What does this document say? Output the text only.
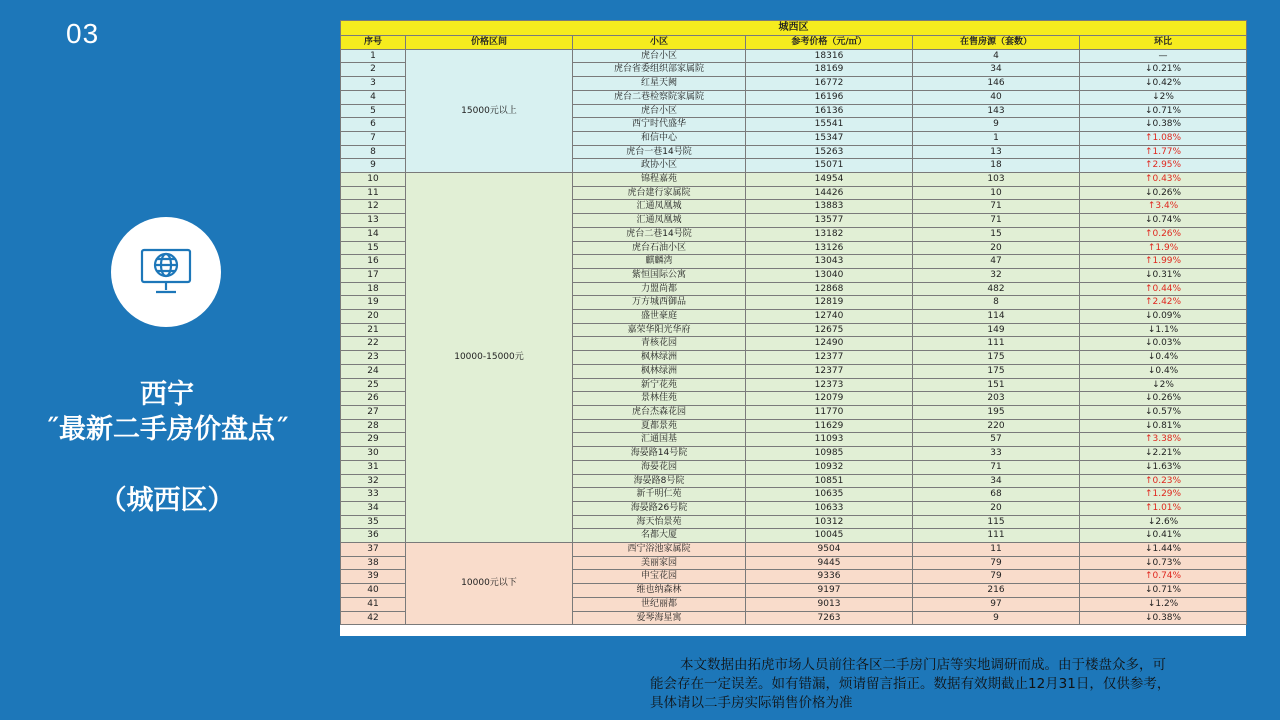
03
西宁
˝最新二手房价盘点˝
（城西区）
城西区					
序号	价格区间	小区	参考价格（元/㎡）	在售房源（套数）	环比
1	15000元以上	虎台小区	18316	4	—
2		虎台省委组织部家属院	18169	34	↓0.21%
3		红星天阙	16772	146	↓0.42%
4		虎台二巷检察院家属院	16196	40	↓2%
5		虎台小区	16136	143	↓0.71%
6		西宁时代盛华	15541	9	↓0.38%
7		和信中心	15347	1	↑1.08%
8		虎台一巷14号院	15263	13	↑1.77%
9		政协小区	15071	18	↑2.95%
10	10000-15000元	锦程嘉苑	14954	103	↑0.43%
11		虎台建行家属院	14426	10	↓0.26%
12		汇通凤凰城	13883	71	↑3.4%
13		汇通凤凰城	13577	71	↓0.74%
14		虎台二巷14号院	13182	15	↑0.26%
15		虎台石油小区	13126	20	↑1.9%
16		麒麟湾	13043	47	↑1.99%
17		紫恒国际公寓	13040	32	↓0.31%
18		力盟尚都	12868	482	↑0.44%
19		万方城西御品	12819	8	↑2.42%
20		盛世豪庭	12740	114	↓0.09%
21		嘉荣华阳光华府	12675	149	↓1.1%
22		青核花园	12490	111	↓0.03%
23		枫林绿洲	12377	175	↓0.4%
24		枫林绿洲	12377	175	↓0.4%
25		新宁花苑	12373	151	↓2%
26		景林佳苑	12079	203	↓0.26%
27		虎台杰森花园	11770	195	↓0.57%
28		夏都景苑	11629	220	↓0.81%
29		汇通国基	11093	57	↑3.38%
30		海晏路14号院	10985	33	↓2.21%
31		海晏花园	10932	71	↓1.63%
32		海晏路8号院	10851	34	↑0.23%
33		新千明仁苑	10635	68	↑1.29%
34		海晏路26号院	10633	20	↑1.01%
35		海天怡景苑	10312	115	↓2.6%
36		名都大厦	10045	111	↓0.41%
37	10000元以下	西宁浴池家属院	9504	11	↓1.44%
38		美丽家园	9445	79	↓0.73%
39		申宝花园	9336	79	↑0.74%
40		维也纳森林	9197	216	↓0.71%
41		世纪丽都	9013	97	↓1.2%
42		爱琴海星寓	7263	9	↓0.38%
本文数据由拓虎市场人员前往各区二手房门店等实地调研而成。由于楼盘众多，可
能会存在一定误差。如有错漏，烦请留言指正。数据有效期截止12月31日，仅供参考，
具体请以二手房实际销售价格为准
